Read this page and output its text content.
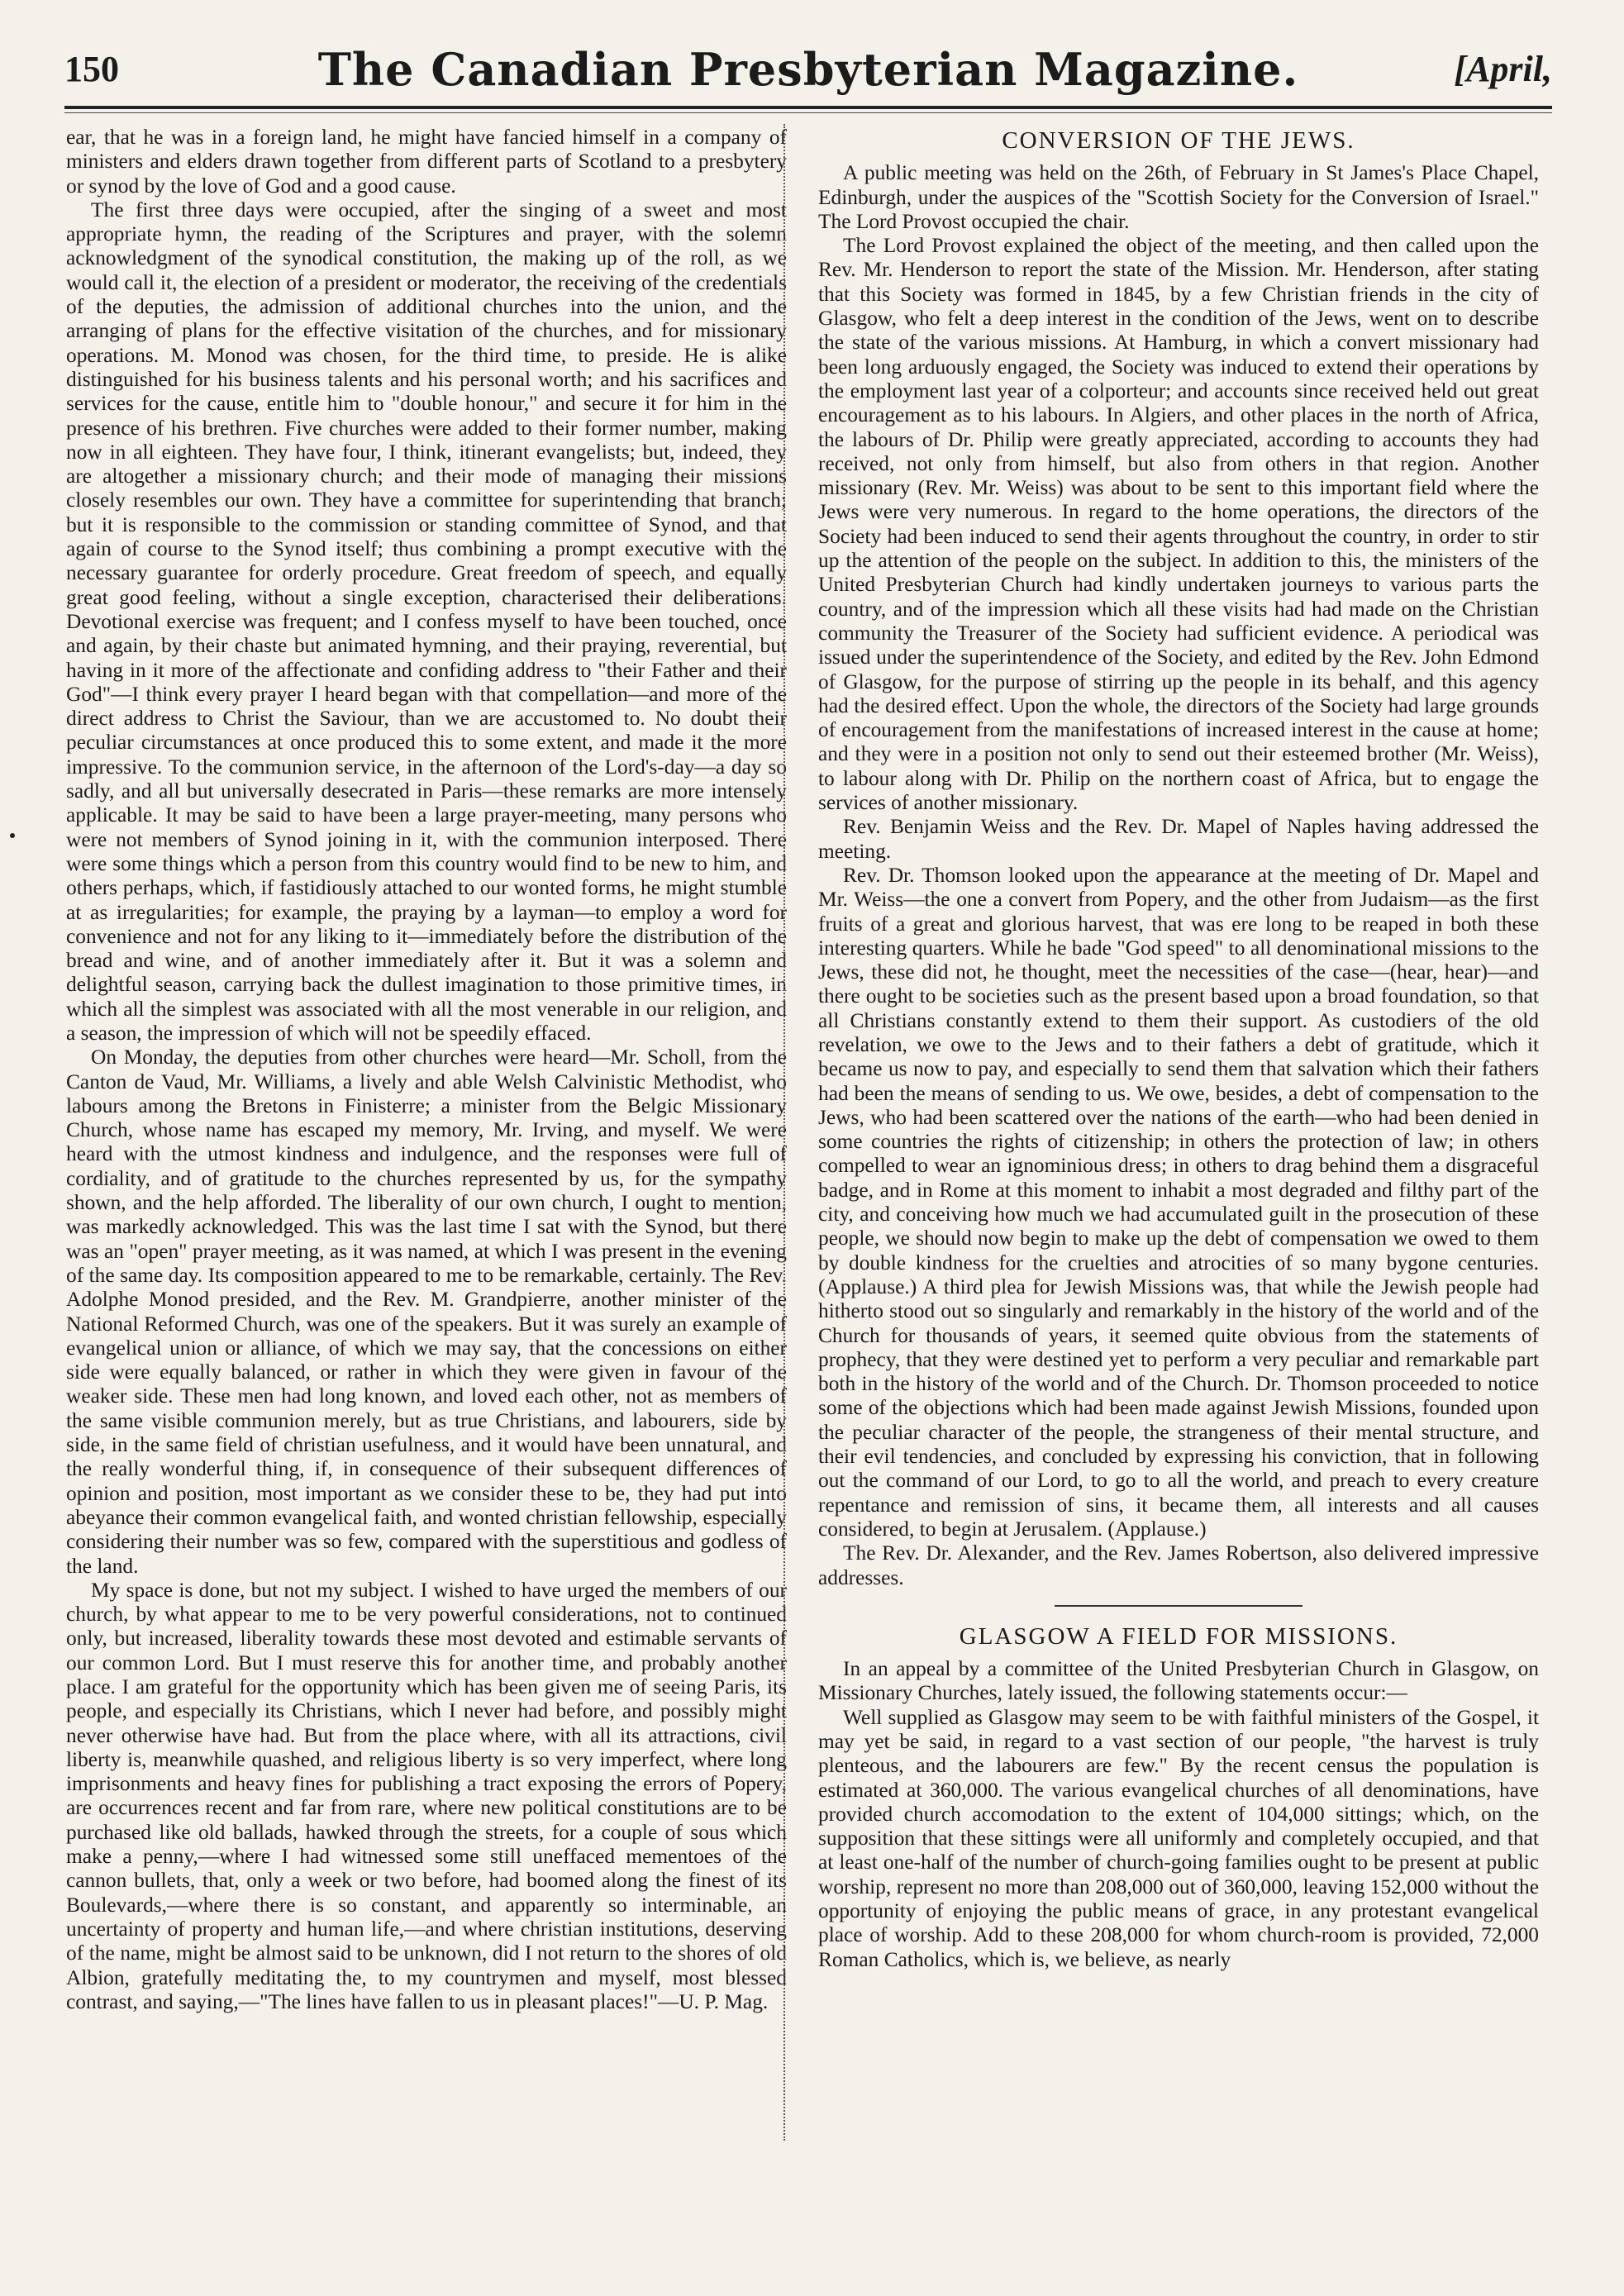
150	The Canadian Presbyterian Magazine.	[April,

ear, that he was in a foreign land, he might have fancied himself in a company of ministers and elders drawn together from different parts of Scotland to a presbytery or synod by the love of God and a good cause.

The first three days were occupied, after the singing of a sweet and most appropriate hymn, the reading of the Scriptures and prayer, with the solemn acknowledgment of the synodical constitution, the making up of the roll, as we would call it, the election of a president or moderator, the receiving of the credentials of the deputies, the admission of additional churches into the union, and the arranging of plans for the effective visitation of the churches, and for missionary operations. M. Monod was chosen, for the third time, to preside. He is alike distinguished for his business talents and his personal worth; and his sacrifices and services for the cause, entitle him to "double honour," and secure it for him in the presence of his brethren. Five churches were added to their former number, making now in all eighteen. They have four, I think, itinerant evangelists; but, indeed, they are altogether a missionary church; and their mode of managing their missions closely resembles our own. They have a committee for superintending that branch; but it is responsible to the commission or standing committee of Synod, and that again of course to the Synod itself; thus combining a prompt executive with the necessary guarantee for orderly procedure. Great freedom of speech, and equally great good feeling, without a single exception, characterised their deliberations. Devotional exercise was frequent; and I confess myself to have been touched, once and again, by their chaste but animated hymning, and their praying, reverential, but having in it more of the affectionate and confiding address to "their Father and their God"—I think every prayer I heard began with that compellation—and more of the direct address to Christ the Saviour, than we are accustomed to. No doubt their peculiar circumstances at once produced this to some extent, and made it the more impressive. To the communion service, in the afternoon of the Lord's-day—a day so sadly, and all but universally desecrated in Paris—these remarks are more intensely applicable. It may be said to have been a large prayer-meeting, many persons who were not members of Synod joining in it, with the communion interposed. There were some things which a person from this country would find to be new to him, and others perhaps, which, if fastidiously attached to our wonted forms, he might stumble at as irregularities; for example, the praying by a layman—to employ a word for convenience and not for any liking to it—immediately before the distribution of the bread and wine, and of another immediately after it. But it was a solemn and delightful season, carrying back the dullest imagination to those primitive times, in which all the simplest was associated with all the most venerable in our religion, and a season, the impression of which will not be speedily effaced.

On Monday, the deputies from other churches were heard—Mr. Scholl, from the Canton de Vaud, Mr. Williams, a lively and able Welsh Calvinistic Methodist, who labours among the Bretons in Finisterre; a minister from the Belgic Missionary Church, whose name has escaped my memory, Mr. Irving, and myself. We were heard with the utmost kindness and indulgence, and the responses were full of cordiality, and of gratitude to the churches represented by us, for the sympathy shown, and the help afforded. The liberality of our own church, I ought to mention, was markedly acknowledged. This was the last time I sat with the Synod, but there was an "open" prayer meeting, as it was named, at which I was present in the evening of the same day. Its composition appeared to me to be remarkable, certainly. The Rev. Adolphe Monod presided, and the Rev. M. Grandpierre, another minister of the National Reformed Church, was one of the speakers. But it was surely an example of evangelical union or alliance, of which we may say, that the concessions on either side were equally balanced, or rather in which they were given in favour of the weaker side. These men had long known, and loved each other, not as members of the same visible communion merely, but as true Christians, and labourers, side by side, in the same field of christian usefulness, and it would have been unnatural, and the really wonderful thing, if, in consequence of their subsequent differences of opinion and position, most important as we consider these to be, they had put into abeyance their common evangelical faith, and wonted christian fellowship, especially considering their number was so few, compared with the superstitious and godless of the land.

My space is done, but not my subject. I wished to have urged the members of our church, by what appear to me to be very powerful considerations, not to continued only, but increased, liberality towards these most devoted and estimable servants of our common Lord. But I must reserve this for another time, and probably another place. I am grateful for the opportunity which has been given me of seeing Paris, its people, and especially its Christians, which I never had before, and possibly might never otherwise have had. But from the place where, with all its attractions, civil liberty is, meanwhile quashed, and religious liberty is so very imperfect, where long imprisonments and heavy fines for publishing a tract exposing the errors of Popery, are occurrences recent and far from rare, where new political constitutions are to be purchased like old ballads, hawked through the streets, for a couple of sous which make a penny,—where I had witnessed some still uneffaced mementoes of the cannon bullets, that, only a week or two before, had boomed along the finest of its Boulevards,—where there is so constant, and apparently so interminable, an uncertainty of property and human life,—and where christian institutions, deserving of the name, might be almost said to be unknown, did I not return to the shores of old Albion, gratefully meditating the, to my countrymen and myself, most blessed contrast, and saying,—"The lines have fallen to us in pleasant places!"—U. P. Mag.

CONVERSION OF THE JEWS.

A public meeting was held on the 26th, of February in St James's Place Chapel, Edinburgh, under the auspices of the "Scottish Society for the Conversion of Israel." The Lord Provost occupied the chair.

The Lord Provost explained the object of the meeting, and then called upon the Rev. Mr. Henderson to report the state of the Mission. Mr. Henderson, after stating that this Society was formed in 1845, by a few Christian friends in the city of Glasgow, who felt a deep interest in the condition of the Jews, went on to describe the state of the various missions. At Hamburg, in which a convert missionary had been long arduously engaged, the Society was induced to extend their operations by the employment last year of a colporteur; and accounts since received held out great encouragement as to his labours. In Algiers, and other places in the north of Africa, the labours of Dr. Philip were greatly appreciated, according to accounts they had received, not only from himself, but also from others in that region. Another missionary (Rev. Mr. Weiss) was about to be sent to this important field where the Jews were very numerous. In regard to the home operations, the directors of the Society had been induced to send their agents throughout the country, in order to stir up the attention of the people on the subject. In addition to this, the ministers of the United Presbyterian Church had kindly undertaken journeys to various parts the country, and of the impression which all these visits had had made on the Christian community the Treasurer of the Society had sufficient evidence. A periodical was issued under the superintendence of the Society, and edited by the Rev. John Edmond of Glasgow, for the purpose of stirring up the people in its behalf, and this agency had the desired effect. Upon the whole, the directors of the Society had large grounds of encouragement from the manifestations of increased interest in the cause at home; and they were in a position not only to send out their esteemed brother (Mr. Weiss), to labour along with Dr. Philip on the northern coast of Africa, but to engage the services of another missionary.

Rev. Benjamin Weiss and the Rev. Dr. Mapel of Naples having addressed the meeting.

Rev. Dr. Thomson looked upon the appearance at the meeting of Dr. Mapel and Mr. Weiss—the one a convert from Popery, and the other from Judaism—as the first fruits of a great and glorious harvest, that was ere long to be reaped in both these interesting quarters. While he bade "God speed" to all denominational missions to the Jews, these did not, he thought, meet the necessities of the case—(hear, hear)—and there ought to be societies such as the present based upon a broad foundation, so that all Christians constantly extend to them their support. As custodiers of the old revelation, we owe to the Jews and to their fathers a debt of gratitude, which it became us now to pay, and especially to send them that salvation which their fathers had been the means of sending to us. We owe, besides, a debt of compensation to the Jews, who had been scattered over the nations of the earth—who had been denied in some countries the rights of citizenship; in others the protection of law; in others compelled to wear an ignominious dress; in others to drag behind them a disgraceful badge, and in Rome at this moment to inhabit a most degraded and filthy part of the city, and conceiving how much we had accumulated guilt in the prosecution of these people, we should now begin to make up the debt of compensation we owed to them by double kindness for the cruelties and atrocities of so many bygone centuries. (Applause.) A third plea for Jewish Missions was, that while the Jewish people had hitherto stood out so singularly and remarkably in the history of the world and of the Church for thousands of years, it seemed quite obvious from the statements of prophecy, that they were destined yet to perform a very peculiar and remarkable part both in the history of the world and of the Church. Dr. Thomson proceeded to notice some of the objections which had been made against Jewish Missions, founded upon the peculiar character of the people, the strangeness of their mental structure, and their evil tendencies, and concluded by expressing his conviction, that in following out the command of our Lord, to go to all the world, and preach to every creature repentance and remission of sins, it became them, all interests and all causes considered, to begin at Jerusalem. (Applause.)

The Rev. Dr. Alexander, and the Rev. James Robertson, also delivered impressive addresses.

GLASGOW A FIELD FOR MISSIONS.

In an appeal by a committee of the United Presbyterian Church in Glasgow, on Missionary Churches, lately issued, the following statements occur:—

Well supplied as Glasgow may seem to be with faithful ministers of the Gospel, it may yet be said, in regard to a vast section of our people, "the harvest is truly plenteous, and the labourers are few." By the recent census the population is estimated at 360,000. The various evangelical churches of all denominations, have provided church accomodation to the extent of 104,000 sittings; which, on the supposition that these sittings were all uniformly and completely occupied, and that at least one-half of the number of church-going families ought to be present at public worship, represent no more than 208,000 out of 360,000, leaving 152,000 without the opportunity of enjoying the public means of grace, in any protestant evangelical place of worship. Add to these 208,000 for whom church-room is provided, 72,000 Roman Catholics, which is, we believe, as nearly
